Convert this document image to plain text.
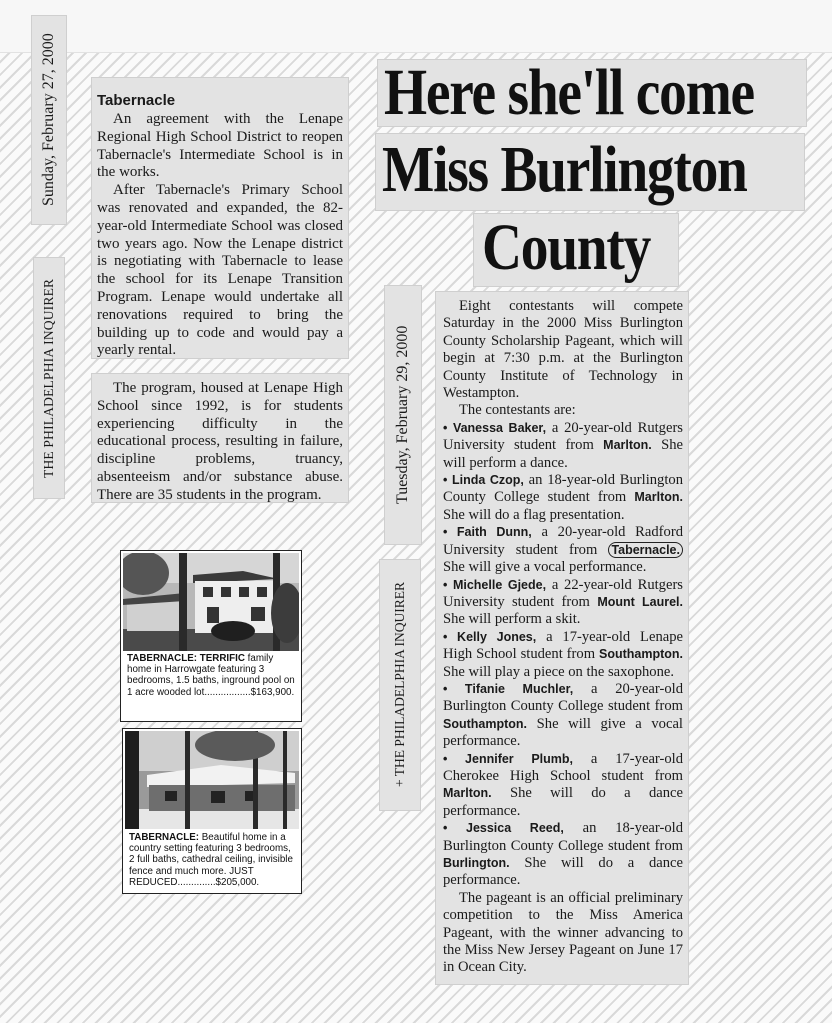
Sunday, February 27, 2000
THE PHILADELPHIA INQUIRER
Tabernacle

An agreement with the Lenape Regional High School District to reopen Tabernacle's Intermediate School is in the works.

After Tabernacle's Primary School was renovated and expanded, the 82-year-old Intermediate School was closed two years ago. Now the Lenape district is negotiating with Tabernacle to lease the school for its Lenape Transition Program. Lenape would undertake all renovations required to bring the building up to code and would pay a yearly rental.

The program, housed at Lenape High School since 1992, is for students experiencing difficulty in the educational process, resulting in failure, discipline problems, truancy, absenteeism and/or substance abuse. There are 35 students in the program.

TABERNACLE: TERRIFIC family home in Harrowgate featuring 3 bedrooms, 1.5 baths, inground pool on 1 acre wooded lot.................$163,900.
TABERNACLE: Beautiful home in a country setting featuring 3 bedrooms, 2 full baths, cathedral ceiling, invisible fence and much more. JUST REDUCED..............$205,000.
Here she'll come
Miss Burlington
County
Tuesday, February 29, 2000
+ THE PHILADELPHIA INQUIRER

Eight contestants will compete Saturday in the 2000 Miss Burlington County Scholarship Pageant, which will begin at 7:30 p.m. at the Burlington County Institute of Technology in Westampton.

The contestants are:

• Vanessa Baker, a 20-year-old Rutgers University student from Marlton. She will perform a dance.

• Linda Czop, an 18-year-old Burlington County College student from Marlton. She will do a flag presentation.

• Faith Dunn, a 20-year-old Radford University student from Tabernacle. She will give a vocal performance.

• Michelle Gjede, a 22-year-old Rutgers University student from Mount Laurel. She will perform a skit.

• Kelly Jones, a 17-year-old Lenape High School student from Southampton. She will play a piece on the saxophone.

• Tifanie Muchler, a 20-year-old Burlington County College student from Southampton. She will give a vocal performance.

• Jennifer Plumb, a 17-year-old Cherokee High School student from Marlton. She will do a dance performance.

• Jessica Reed, an 18-year-old Burlington County College student from Burlington. She will do a dance performance.

The pageant is an official preliminary competition to the Miss America Pageant, with the winner advancing to the Miss New Jersey Pageant on June 17 in Ocean City.
